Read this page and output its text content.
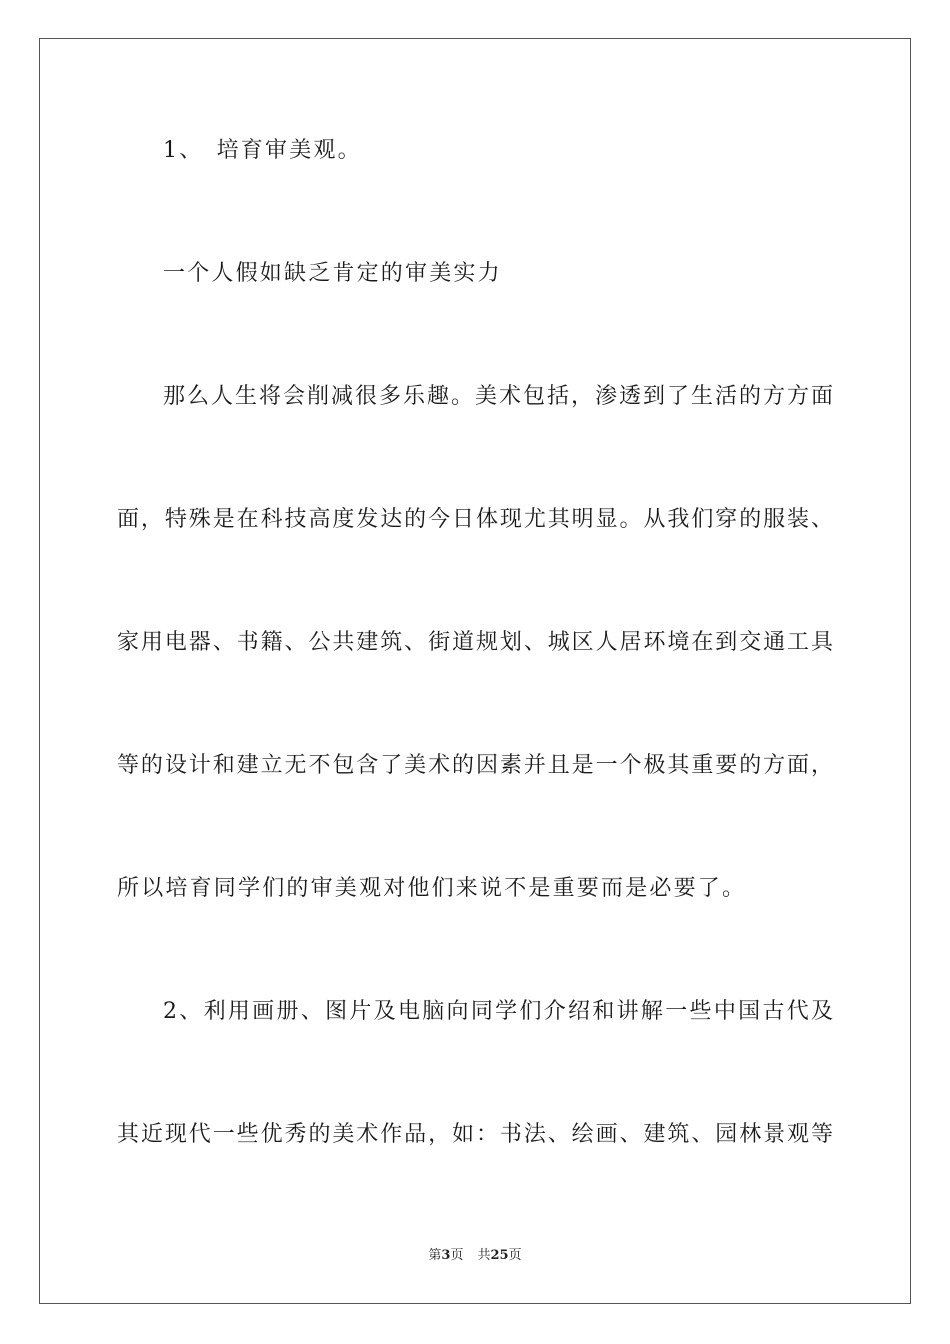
1、　培育审美观。
一个人假如缺乏肯定的审美实力
那么人生将会削减很多乐趣。美术包括，渗透到了生活的方方面
面，特殊是在科技高度发达的今日体现尤其明显。从我们穿的服装、
家用电器、书籍、公共建筑、街道规划、城区人居环境在到交通工具
等的设计和建立无不包含了美术的因素并且是一个极其重要的方面，
所以培育同学们的审美观对他们来说不是重要而是必要了。
2、利用画册、图片及电脑向同学们介绍和讲解一些中国古代及
其近现代一些优秀的美术作品，如：书法、绘画、建筑、园林景观等
第3页 共25页
